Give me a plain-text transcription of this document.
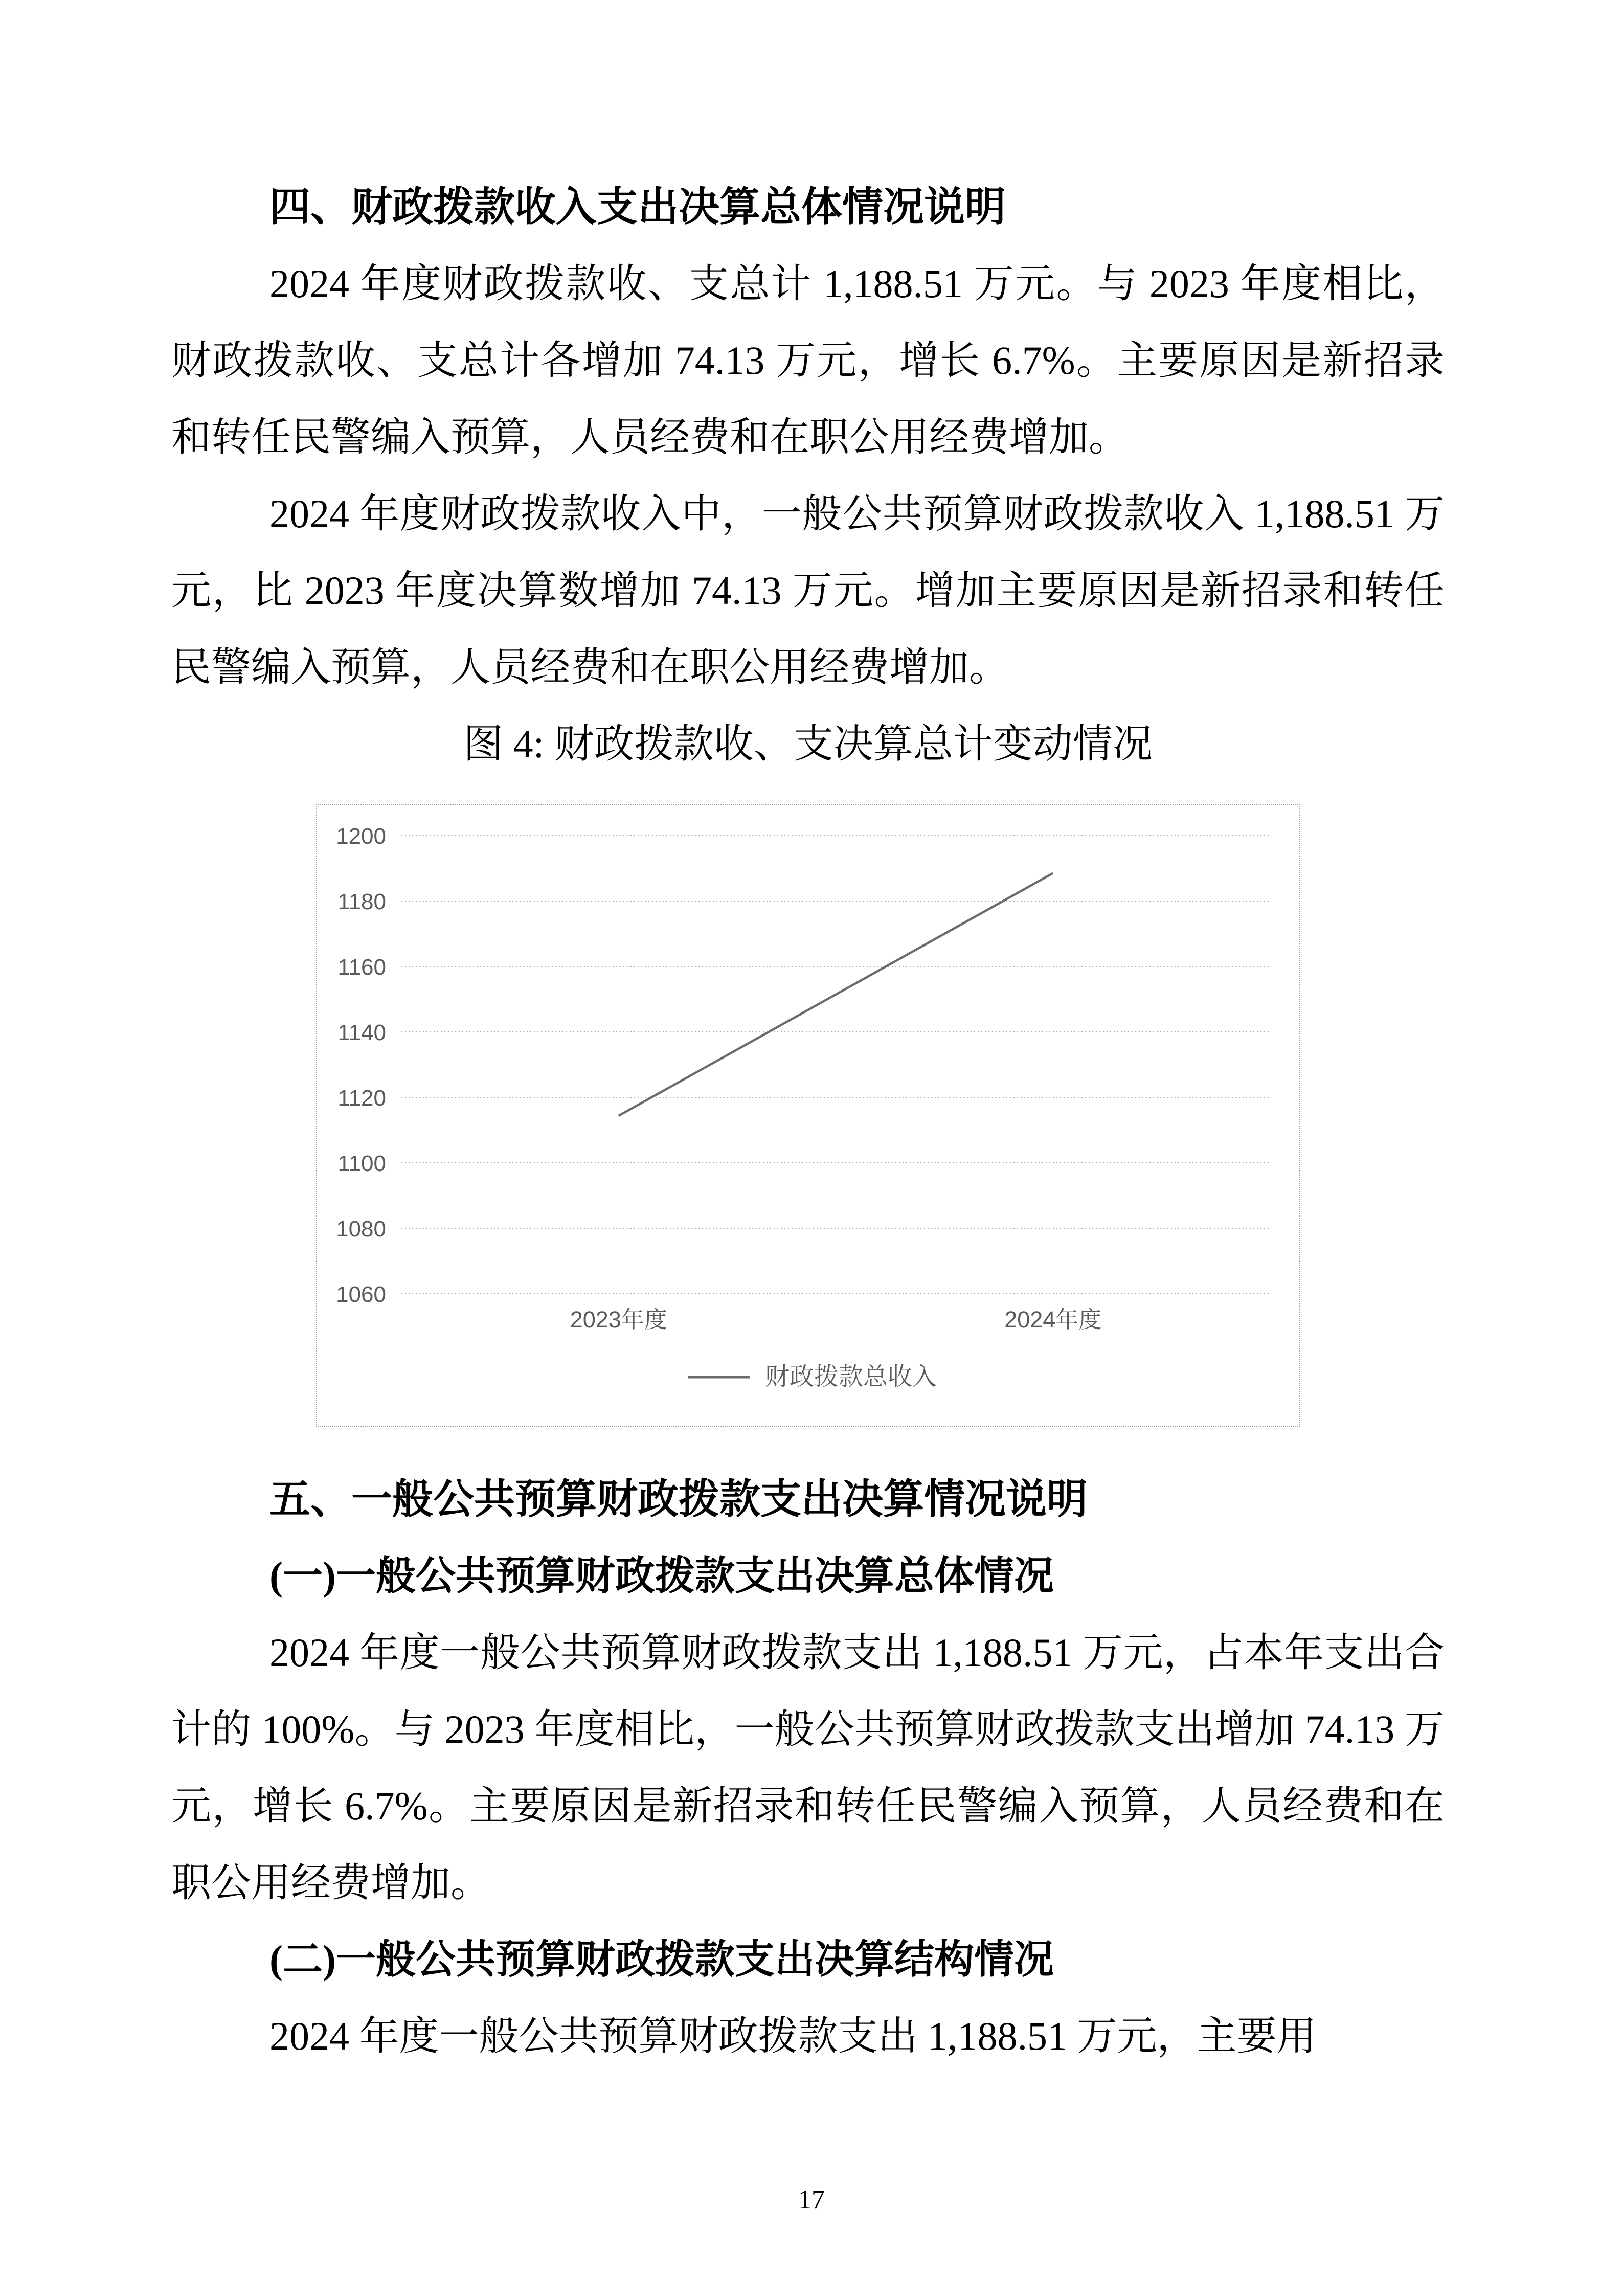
四、财政拨款收入支出决算总体情况说明

2024 年度财政拨款收、支总计 1,188.51 万元。与 2023 年度相比，财政拨款收、支总计各增加 74.13 万元，增长 6.7%。主要原因是新招录和转任民警编入预算，人员经费和在职公用经费增加。

2024 年度财政拨款收入中，一般公共预算财政拨款收入 1,188.51 万元，比 2023 年度决算数增加 74.13 万元。增加主要原因是新招录和转任民警编入预算，人员经费和在职公用经费增加。

图 4: 财政拨款收、支决算总计变动情况
1200
1180
1160
1140
1120
1100
1080
1060
2023年度	2024年度
财政拨款总收入
五、一般公共预算财政拨款支出决算情况说明
(一)一般公共预算财政拨款支出决算总体情况

2024 年度一般公共预算财政拨款支出 1,188.51 万元，占本年支出合计的 100%。与 2023 年度相比，一般公共预算财政拨款支出增加 74.13 万元，增长 6.7%。主要原因是新招录和转任民警编入预算，人员经费和在职公用经费增加。

(二)一般公共预算财政拨款支出决算结构情况

2024 年度一般公共预算财政拨款支出 1,188.51 万元，主要用

17
